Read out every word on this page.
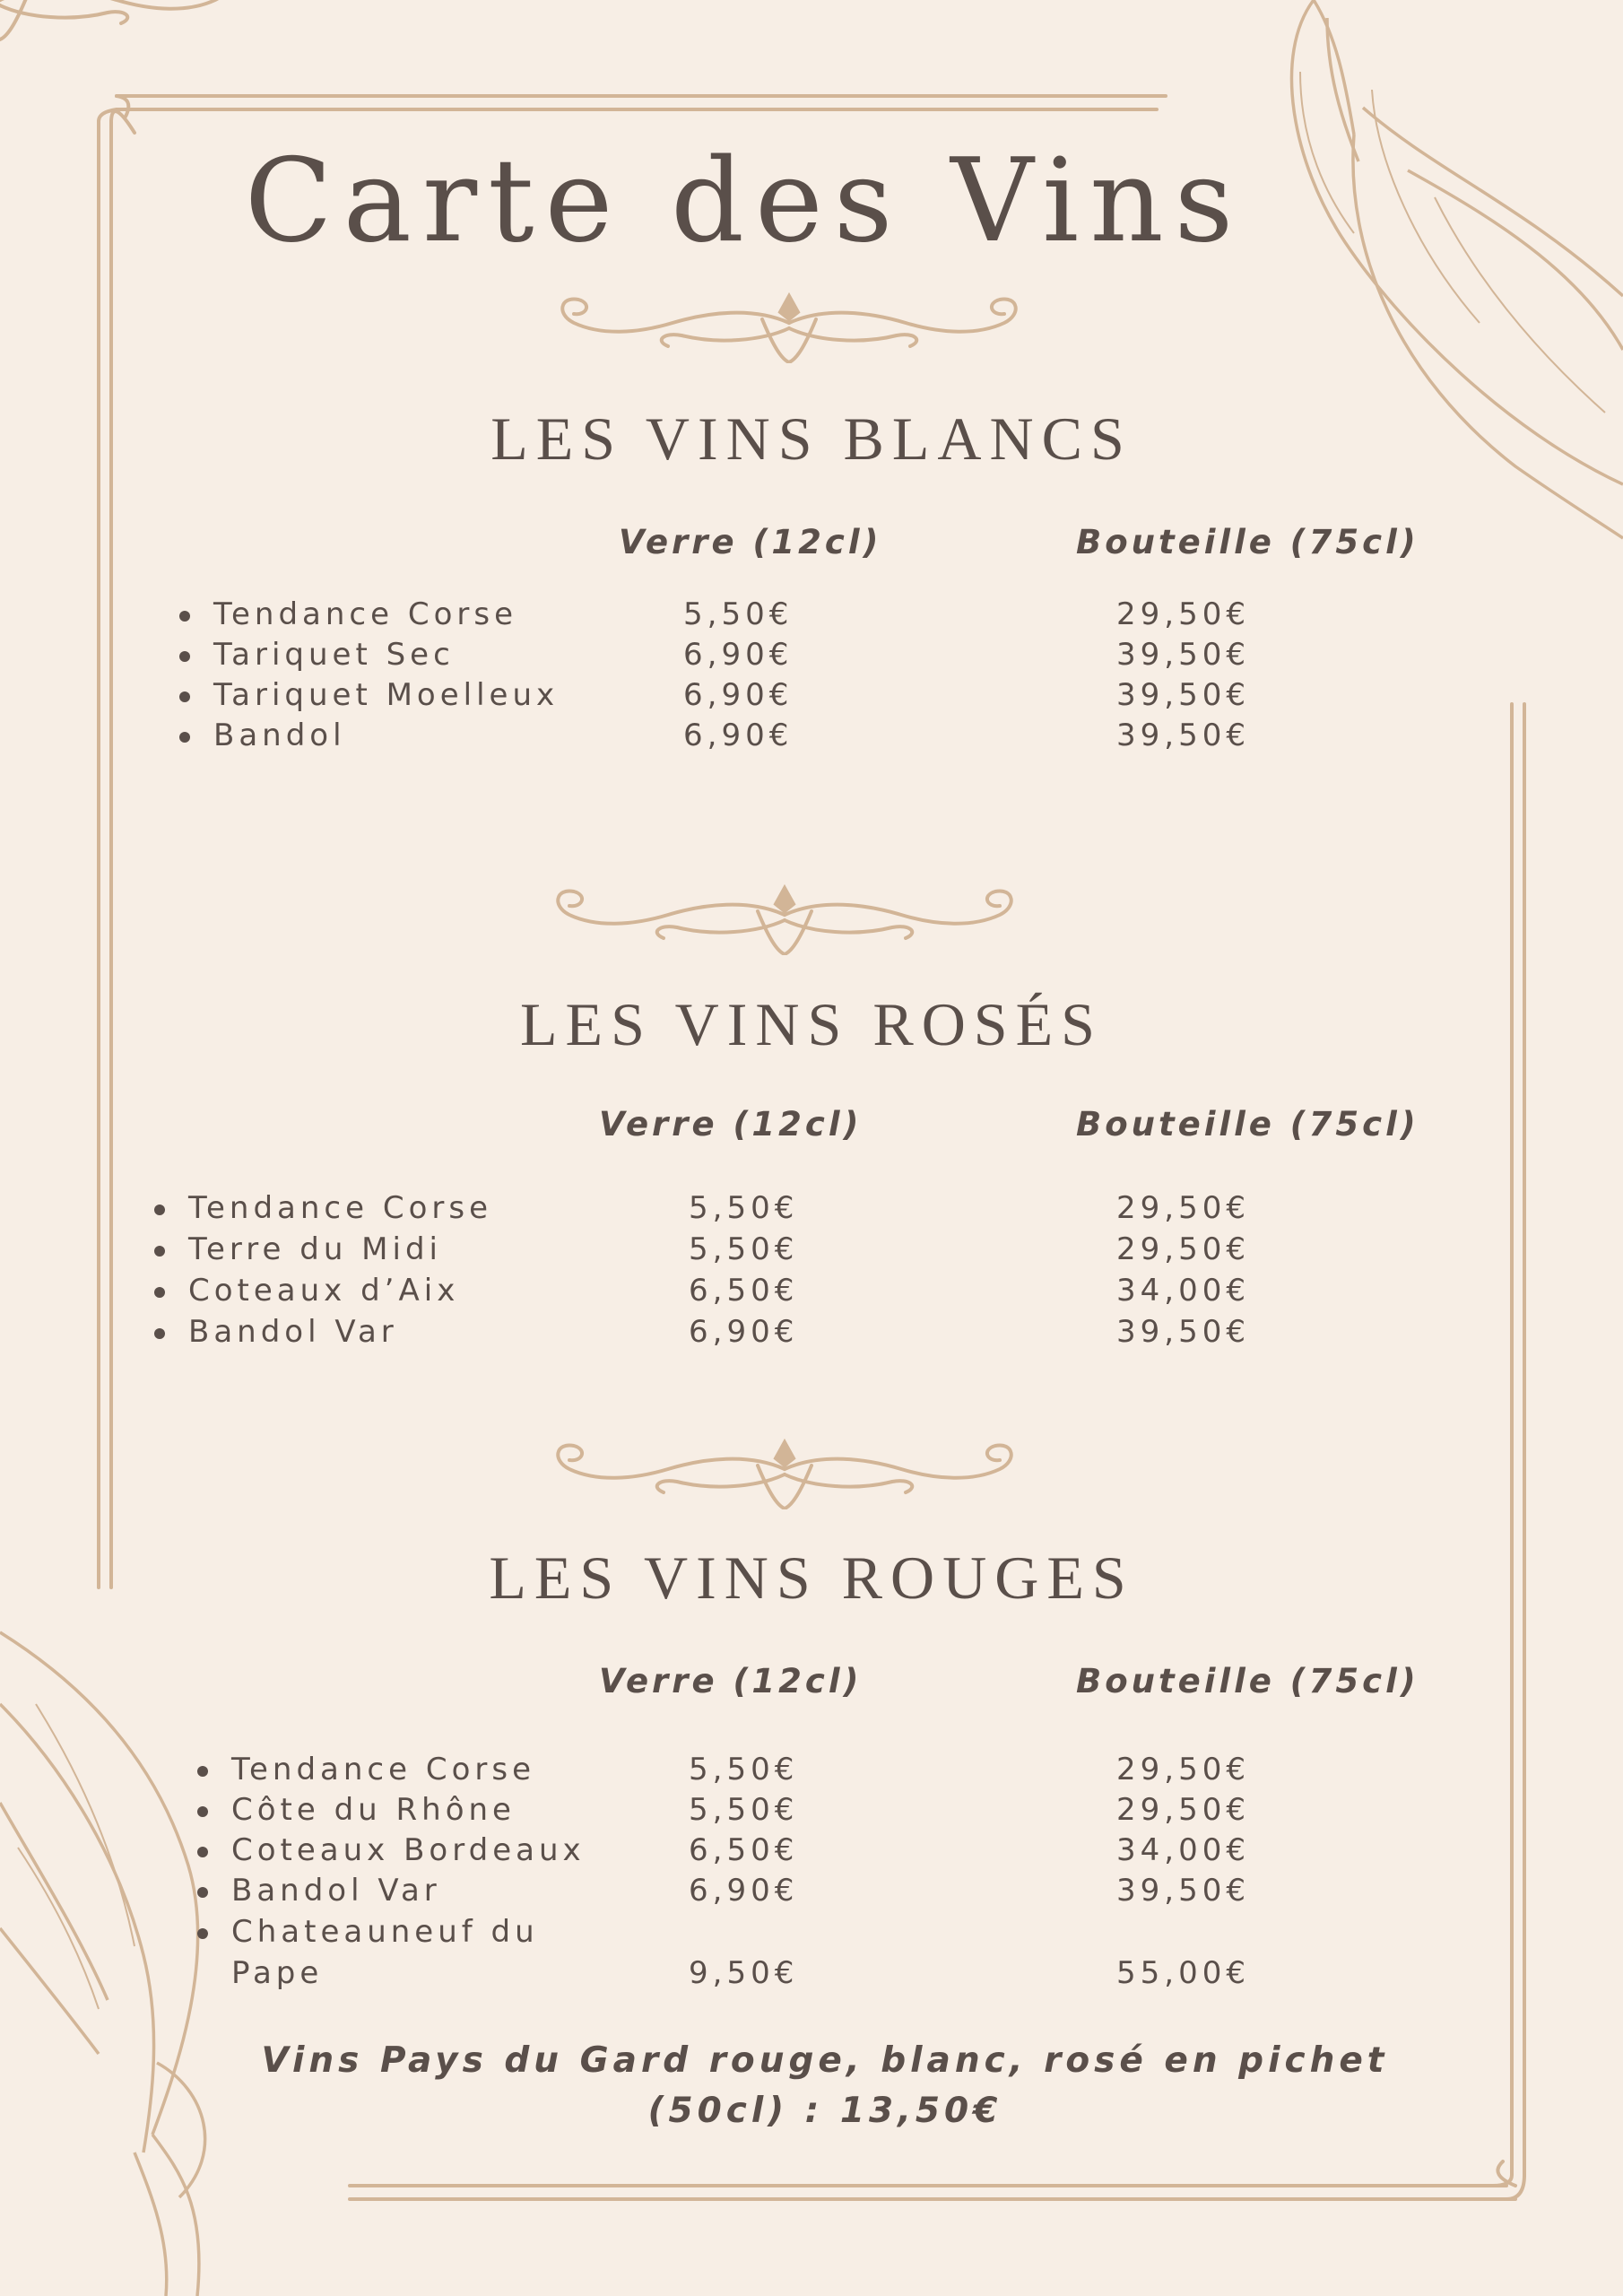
Carte des Vins
LES VINS BLANCS
Verre (12cl)	Bouteille (75cl)
Tendance Corse	5,50€	29,50€
Tariquet Sec	6,90€	39,50€
Tariquet Moelleux	6,90€	39,50€
Bandol	6,90€	39,50€
LES VINS ROSÉS
Verre (12cl)	Bouteille (75cl)
Tendance Corse	5,50€	29,50€
Terre du Midi	5,50€	29,50€
Coteaux d’Aix	6,50€	34,00€
Bandol Var	6,90€	39,50€
LES VINS ROUGES
Verre (12cl)	Bouteille (75cl)
Tendance Corse	5,50€	29,50€
Côte du Rhône	5,50€	29,50€
Coteaux Bordeaux	6,50€	34,00€
Bandol Var	6,90€	39,50€
Chateauneuf du
Pape	9,50€	55,00€
Vins Pays du Gard rouge, blanc, rosé en pichet
(50cl) : 13,50€
